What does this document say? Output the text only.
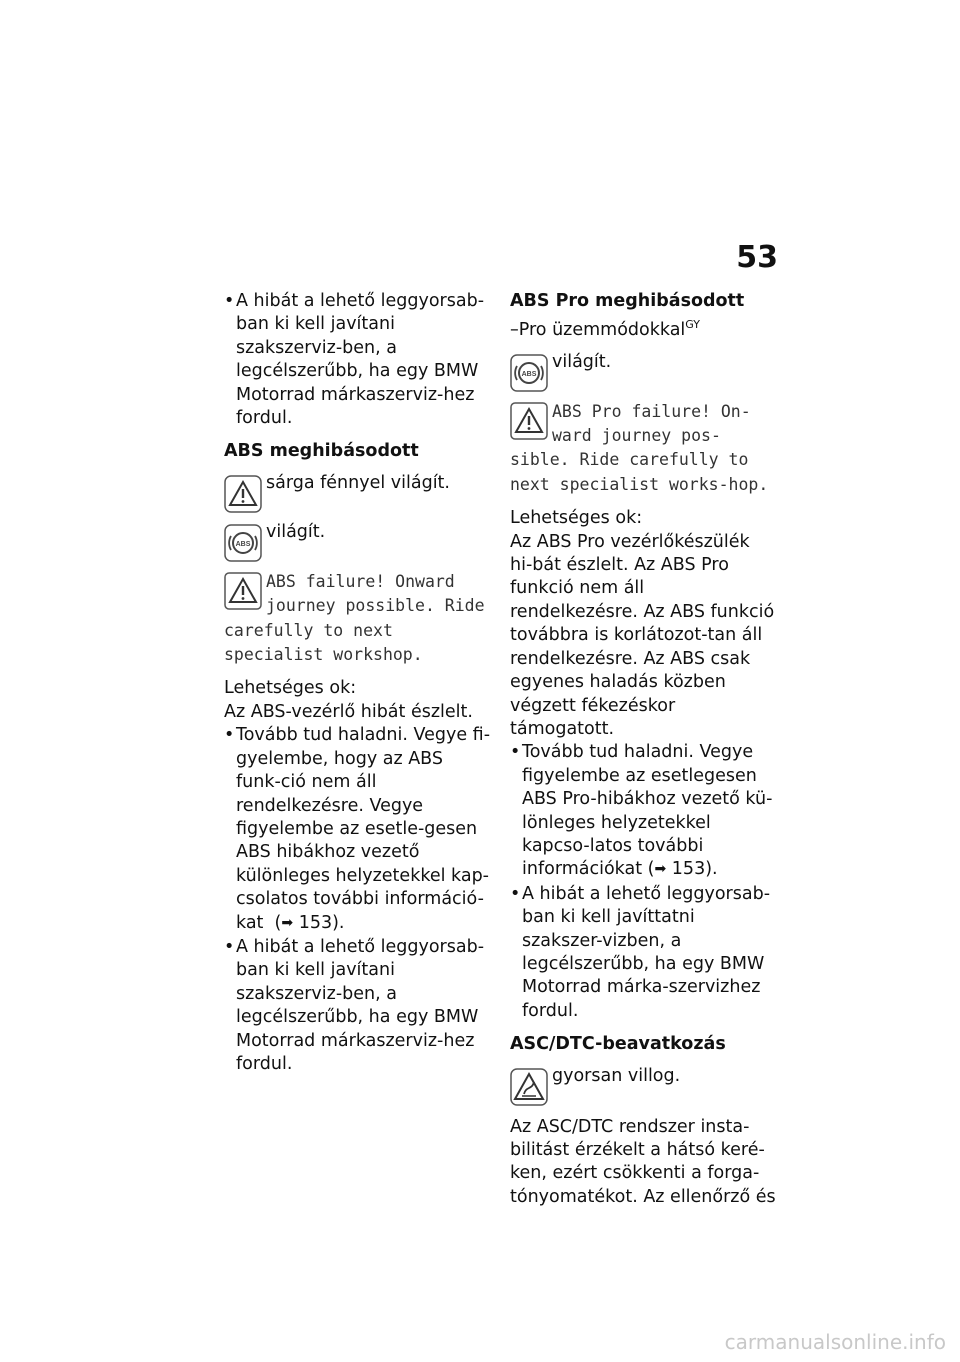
53
• A hibát a lehető leggyorsab-ban ki kell javítani szakszerviz-ben, a legcélszerűbb, ha egy BMW Motorrad márkaszerviz-hez fordul.
ABS meghibásodott
sárga fénnyel világít.
ABS
világít.
ABS failure! Onward journey possible. Ride carefully to next specialist workshop.
Lehetséges ok:
Az ABS-vezérlő hibát észlelt.
• Tovább tud haladni. Vegye fi-gyelembe, hogy az ABS funk-ció nem áll rendelkezésre. Vegye figyelembe az esetle-gesen ABS hibákhoz vezető különleges helyzetekkel kap-csolatos további információ-kat  (➡ 153).
• A hibát a lehető leggyorsab-ban ki kell javítani szakszerviz-ben, a legcélszerűbb, ha egy BMW Motorrad márkaszerviz-hez fordul.
ABS Pro meghibásodott
–Pro üzemmódokkal$^{GY}$
ABS
világít.
ABS Pro failure! On-ward journey pos-sible. Ride carefully to next specialist works-hop.
Lehetséges ok:
Az ABS Pro vezérlőkészülék hi-bát észlelt. Az ABS Pro funkció nem áll rendelkezésre. Az ABS funkció továbbra is korlátozot-tan áll rendelkezésre. Az ABS csak egyenes haladás közben végzett fékezéskor támogatott.
• Tovább tud haladni. Vegye figyelembe az esetlegesen ABS Pro-hibákhoz vezető kü-lönleges helyzetekkel kapcso-latos további információkat (➡ 153).
• A hibát a lehető leggyorsab-ban ki kell javíttatni szakszer-vizben, a legcélszerűbb, ha egy BMW Motorrad márka-szervizhez fordul.
ASC/DTC-beavatkozás
gyorsan villog.
Az ASC/DTC rendszer insta-bilitást érzékelt a hátsó keré-ken, ezért csökkenti a forga-tónyomatékot. Az ellenőrző és
carmanualsonline.info
